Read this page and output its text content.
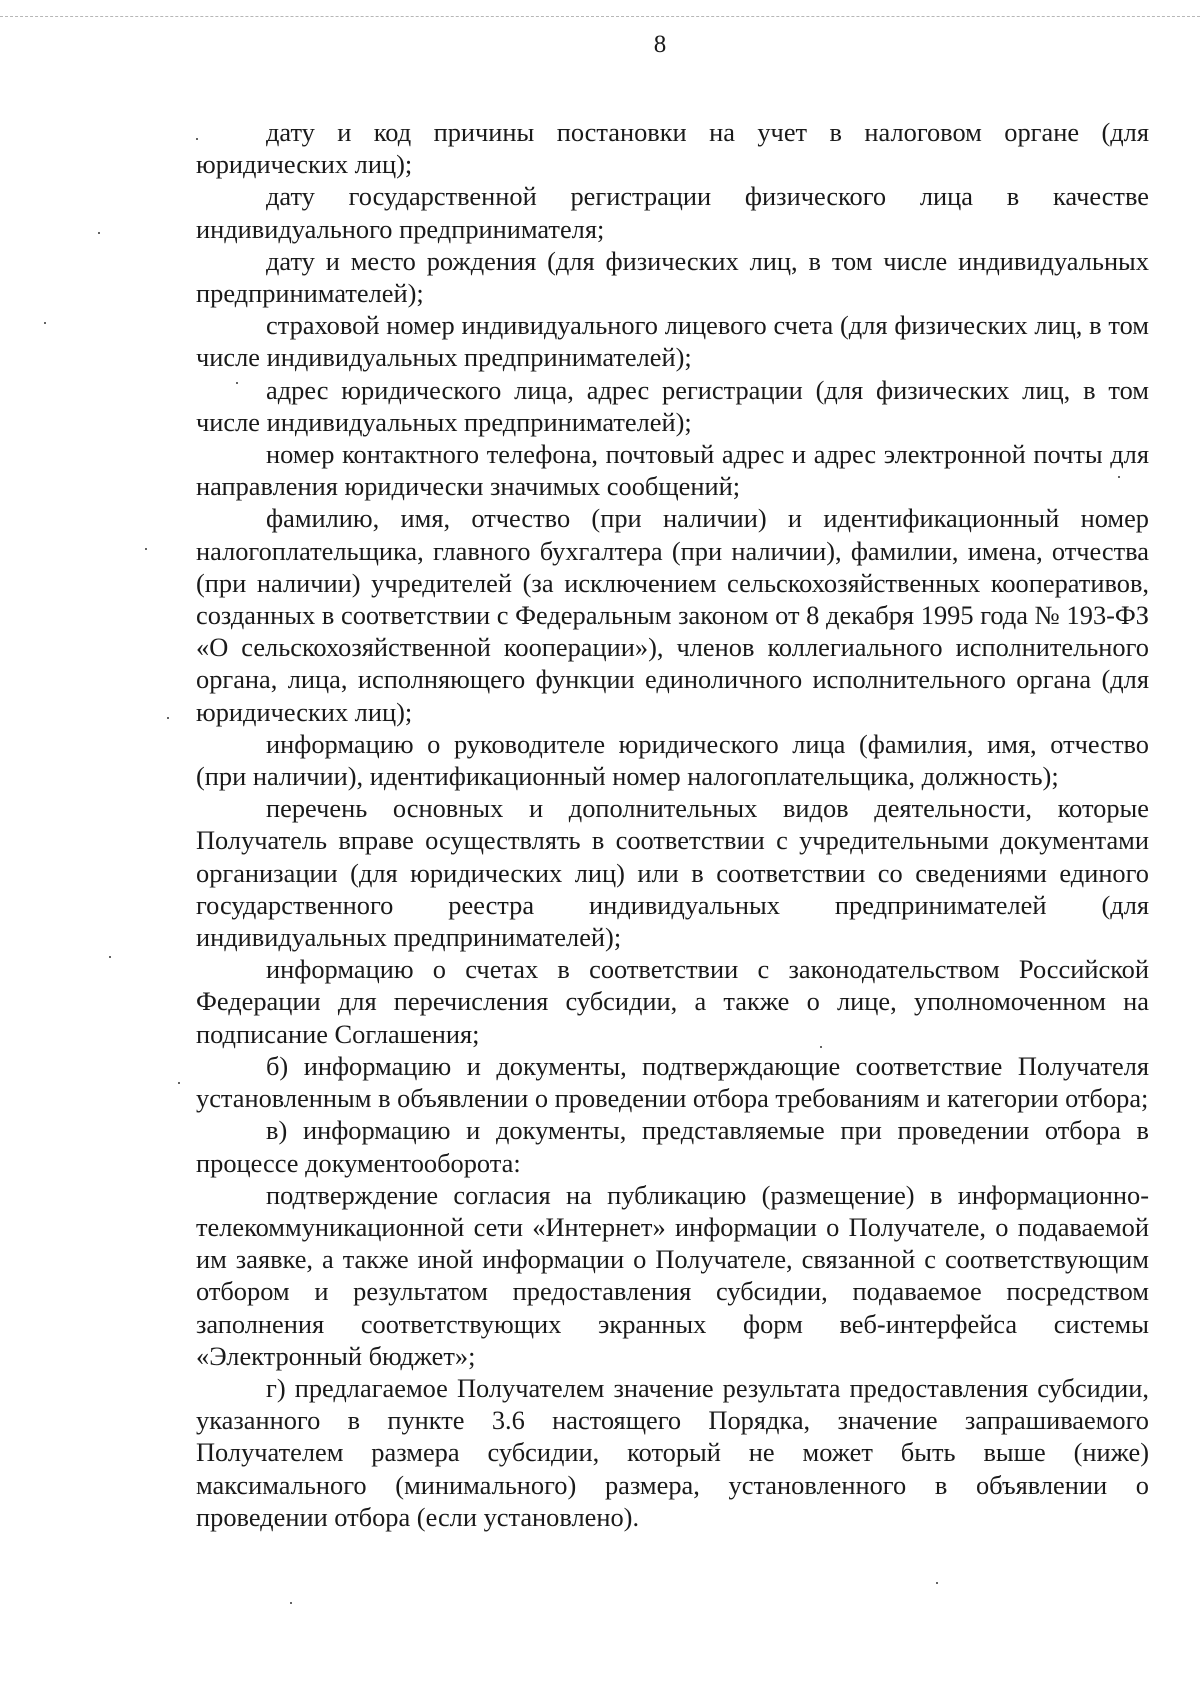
8

дату и код причины постановки на учет в налоговом органе (для юридических лиц);

дату государственной регистрации физического лица в качестве индивидуального предпринимателя;

дату и место рождения (для физических лиц, в том числе индивидуальных предпринимателей);

страховой номер индивидуального лицевого счета (для физических лиц, в том числе индивидуальных предпринимателей);

адрес юридического лица, адрес регистрации (для физических лиц, в том числе индивидуальных предпринимателей);

номер контактного телефона, почтовый адрес и адрес электронной почты для направления юридически значимых сообщений;

фамилию, имя, отчество (при наличии) и идентификационный номер налогоплательщика, главного бухгалтера (при наличии), фамилии, имена, отчества (при наличии) учредителей (за исключением сельскохозяйственных кооперативов, созданных в соответствии с Федеральным законом от 8 декабря 1995 года № 193-ФЗ «О сельскохозяйственной кооперации»), членов коллегиального исполнительного органа, лица, исполняющего функции единоличного исполнительного органа (для юридических лиц);

информацию о руководителе юридического лица (фамилия, имя, отчество (при наличии), идентификационный номер налогоплательщика, должность);

перечень основных и дополнительных видов деятельности, которые Получатель вправе осуществлять в соответствии с учредительными документами организации (для юридических лиц) или в соответствии со сведениями единого государственного реестра индивидуальных предпринимателей (для индивидуальных предпринимателей);

информацию о счетах в соответствии с законодательством Российской Федерации для перечисления субсидии, а также о лице, уполномоченном на подписание Соглашения;

б) информацию и документы, подтверждающие соответствие Получателя установленным в объявлении о проведении отбора требованиям и категории отбора;

в) информацию и документы, представляемые при проведении отбора в процессе документооборота:

подтверждение согласия на публикацию (размещение) в информационно-телекоммуникационной сети «Интернет» информации о Получателе, о подаваемой им заявке, а также иной информации о Получателе, связанной с соответствующим отбором и результатом предоставления субсидии, подаваемое посредством заполнения соответствующих экранных форм веб-интерфейса системы «Электронный бюджет»;

г) предлагаемое Получателем значение результата предоставления субсидии, указанного в пункте 3.6 настоящего Порядка, значение запрашиваемого Получателем размера субсидии, который не может быть выше (ниже) максимального (минимального) размера, установленного в объявлении о проведении отбора (если установлено).
